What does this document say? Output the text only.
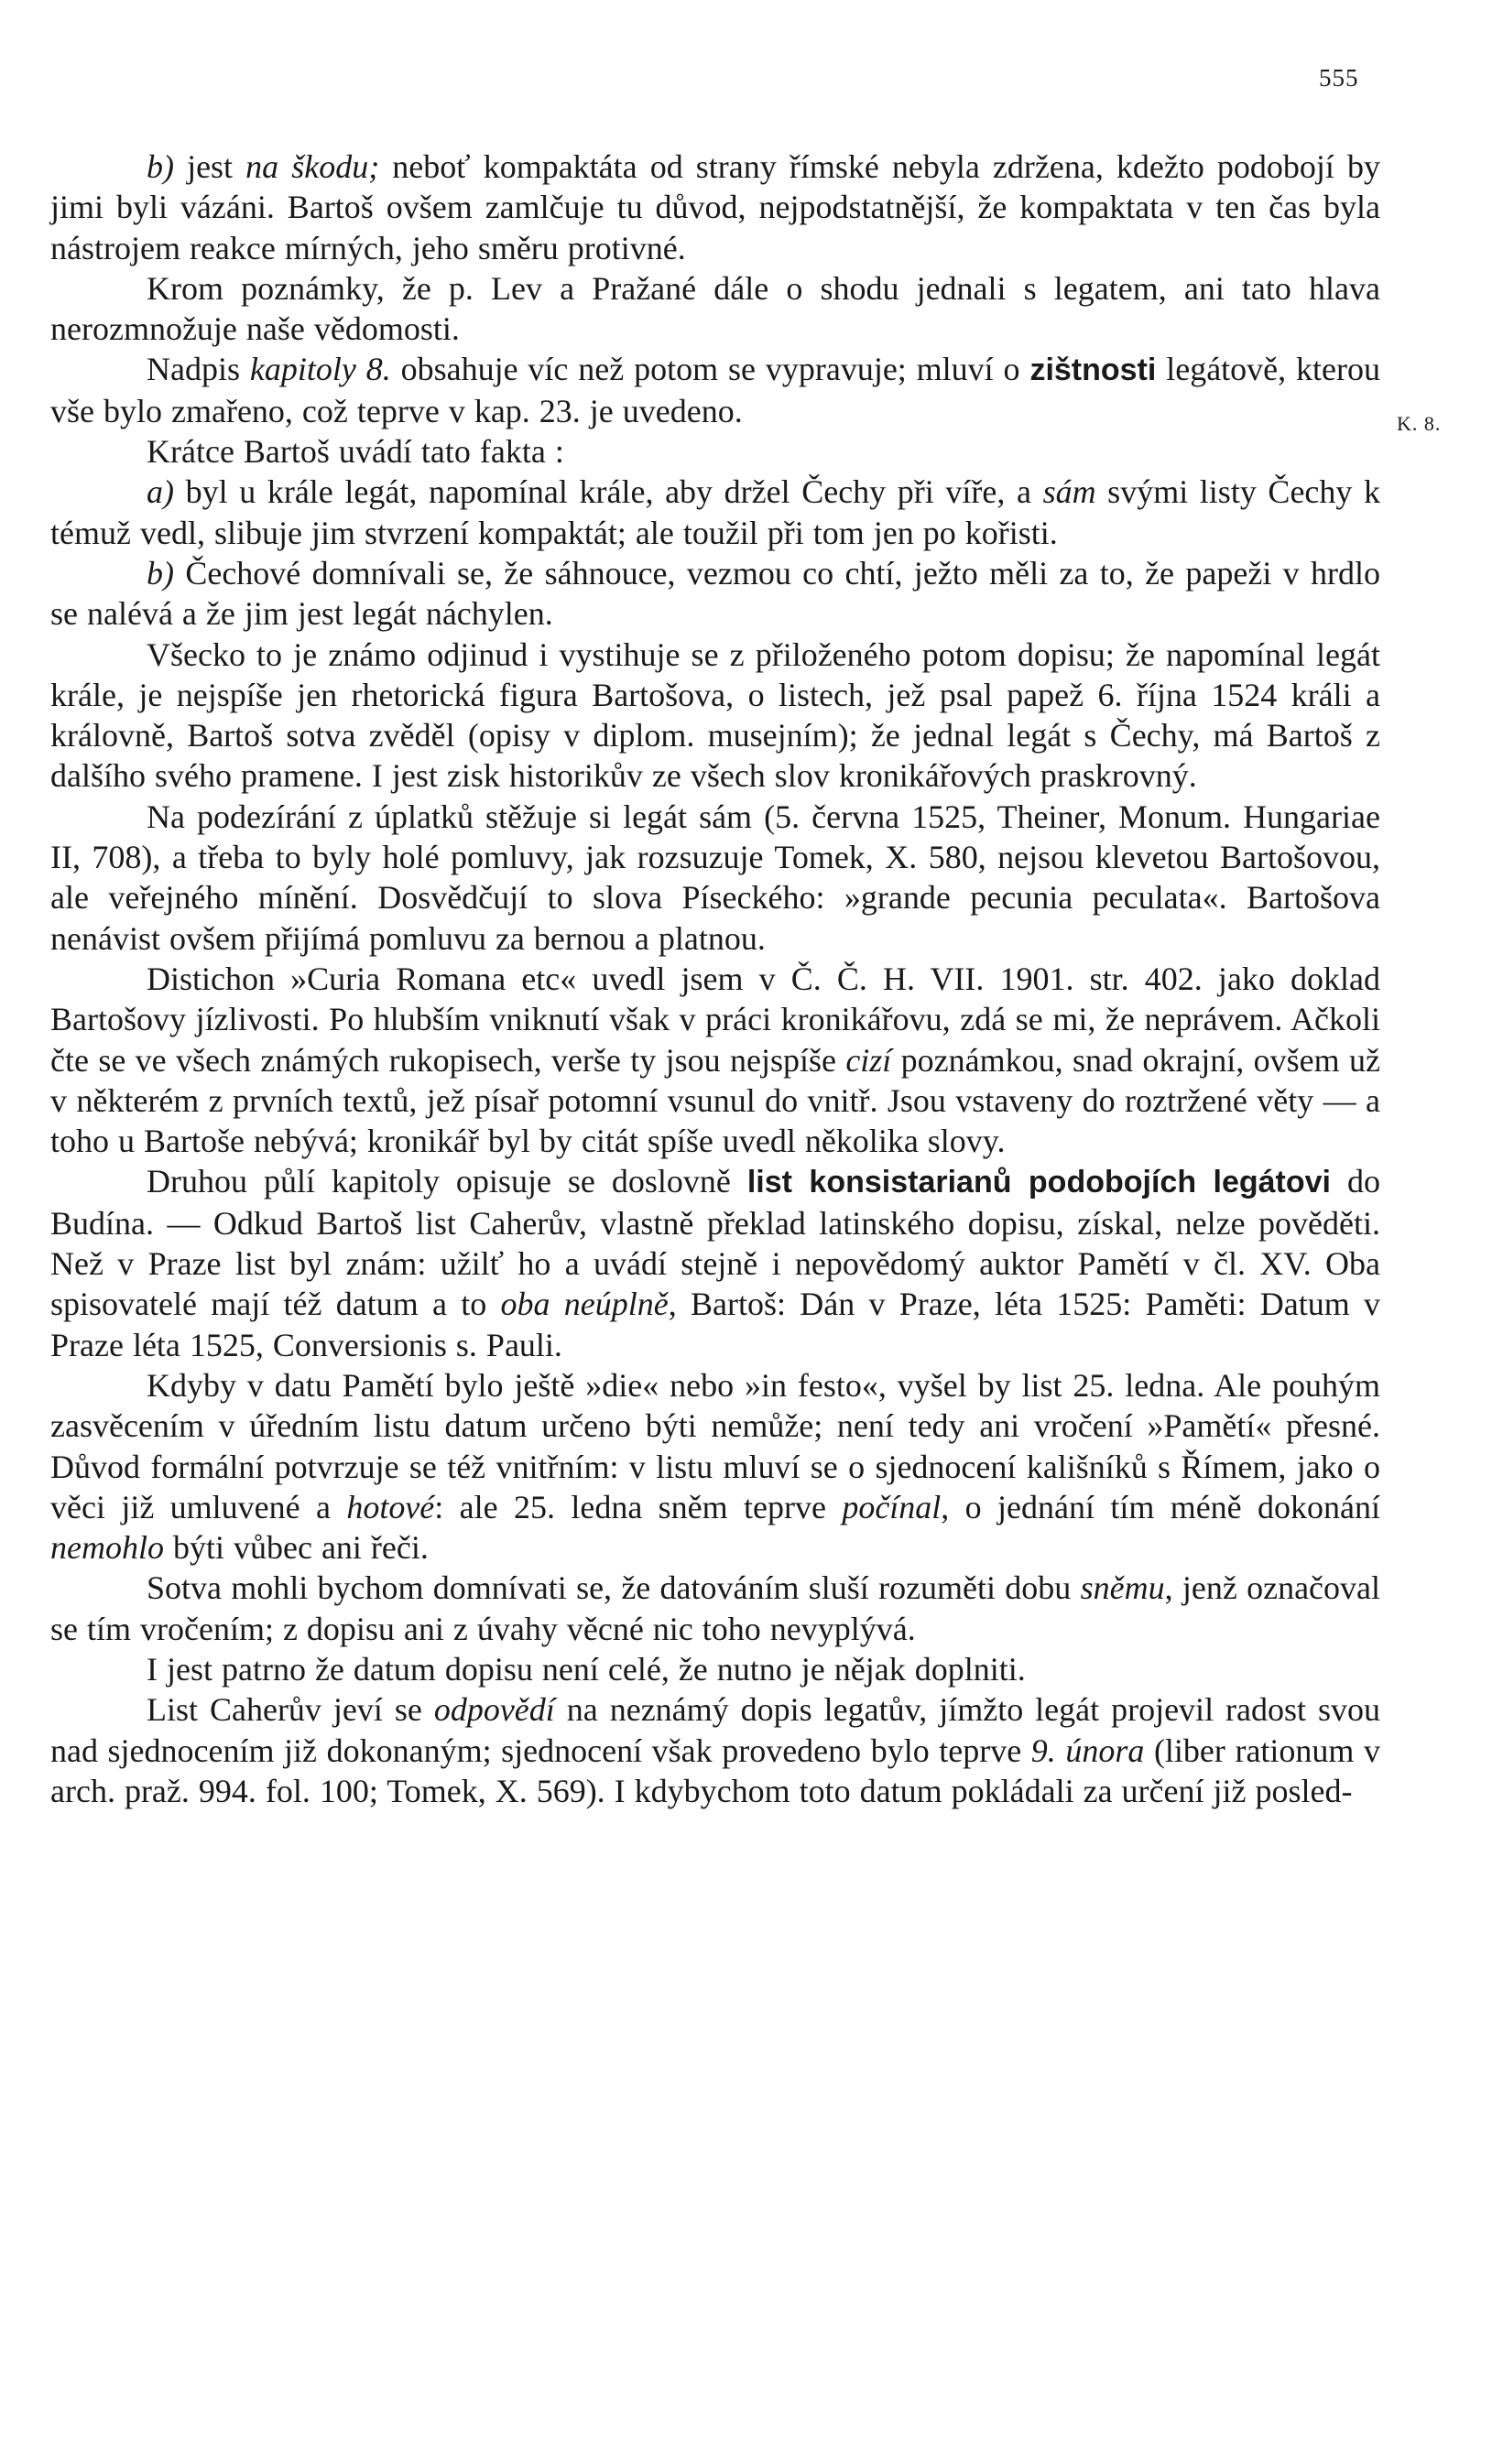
555
K. 8.

b) jest na škodu; neboť kompaktáta od strany římské nebyla zdržena, kdežto podobojí by jimi byli vázáni. Bartoš ovšem zamlčuje tu důvod, nejpodstatnější, že kompaktata v ten čas byla nástrojem reakce mírných, jeho směru protivné.

Krom poznámky, že p. Lev a Pražané dále o shodu jednali s legatem, ani tato hlava nerozmnožuje naše vědomosti.

Nadpis kapitoly 8. obsahuje víc než potom se vypravuje; mluví o zištnosti legátově, kterou vše bylo zmařeno, což teprve v kap. 23. je uvedeno.

Krátce Bartoš uvádí tato fakta :

a) byl u krále legát, napomínal krále, aby držel Čechy při víře, a sám svými listy Čechy k témuž vedl, slibuje jim stvrzení kompaktát; ale toužil při tom jen po kořisti.

b) Čechové domnívali se, že sáhnouce, vezmou co chtí, ježto měli za to, že papeži v hrdlo se nalévá a že jim jest legát náchylen.

Všecko to je známo odjinud i vystihuje se z přiloženého potom dopisu; že napomínal legát krále, je nejspíše jen rhetorická figura Bartošova, o listech, jež psal papež 6. října 1524 králi a královně, Bartoš sotva zvěděl (opisy v diplom. musejním); že jednal legát s Čechy, má Bartoš z dalšího svého pramene. I jest zisk historikův ze všech slov kronikářových praskrovný.

Na podezírání z úplatků stěžuje si legát sám (5. června 1525, Theiner, Monum. Hungariae II, 708), a třeba to byly holé pomluvy, jak rozsuzuje Tomek, X. 580, nejsou klevetou Bartošovou, ale veřejného mínění. Dosvědčují to slova Píseckého: »grande pecunia peculata«. Bartošova nenávist ovšem přijímá pomluvu za bernou a platnou.

Distichon »Curia Romana etc« uvedl jsem v Č. Č. H. VII. 1901. str. 402. jako doklad Bartošovy jízlivosti. Po hlubším vniknutí však v práci kronikářovu, zdá se mi, že neprávem. Ačkoli čte se ve všech známých rukopisech, verše ty jsou nejspíše cizí poznámkou, snad okrajní, ovšem už v některém z prvních textů, jež písař potomní vsunul do vnitř. Jsou vstaveny do roztržené věty — a toho u Bartoše nebývá; kronikář byl by citát spíše uvedl několika slovy.

Druhou půlí kapitoly opisuje se doslovně list konsistarianů podobojích legátovi do Budína. — Odkud Bartoš list Caherův, vlastně překlad latinského dopisu, získal, nelze pověděti. Než v Praze list byl znám: užilť ho a uvádí stejně i nepovědomý auktor Pamětí v čl. XV. Oba spisovatelé mají též datum a to oba neúplně, Bartoš: Dán v Praze, léta 1525: Paměti: Datum v Praze léta 1525, Conversionis s. Pauli.

Kdyby v datu Pamětí bylo ještě »die« nebo »in festo«, vyšel by list 25. ledna. Ale pouhým zasvěcením v úředním listu datum určeno býti nemůže; není tedy ani vročení »Pamětí« přesné. Důvod formální potvrzuje se též vnitřním: v listu mluví se o sjednocení kališníků s Římem, jako o věci již umluvené a hotové: ale 25. ledna sněm teprve počínal, o jednání tím méně dokonání nemohlo býti vůbec ani řeči.

Sotva mohli bychom domnívati se, že datováním sluší rozuměti dobu sněmu, jenž označoval se tím vročením; z dopisu ani z úvahy věcné nic toho nevyplývá.

I jest patrno že datum dopisu není celé, že nutno je nějak doplniti.

List Caherův jeví se odpovědí na neznámý dopis legatův, jímžto legát projevil radost svou nad sjednocením již dokonaným; sjednocení však provedeno bylo teprve 9. února (liber rationum v arch. praž. 994. fol. 100; Tomek, X. 569). I kdybychom toto datum pokládali za určení již posled-
